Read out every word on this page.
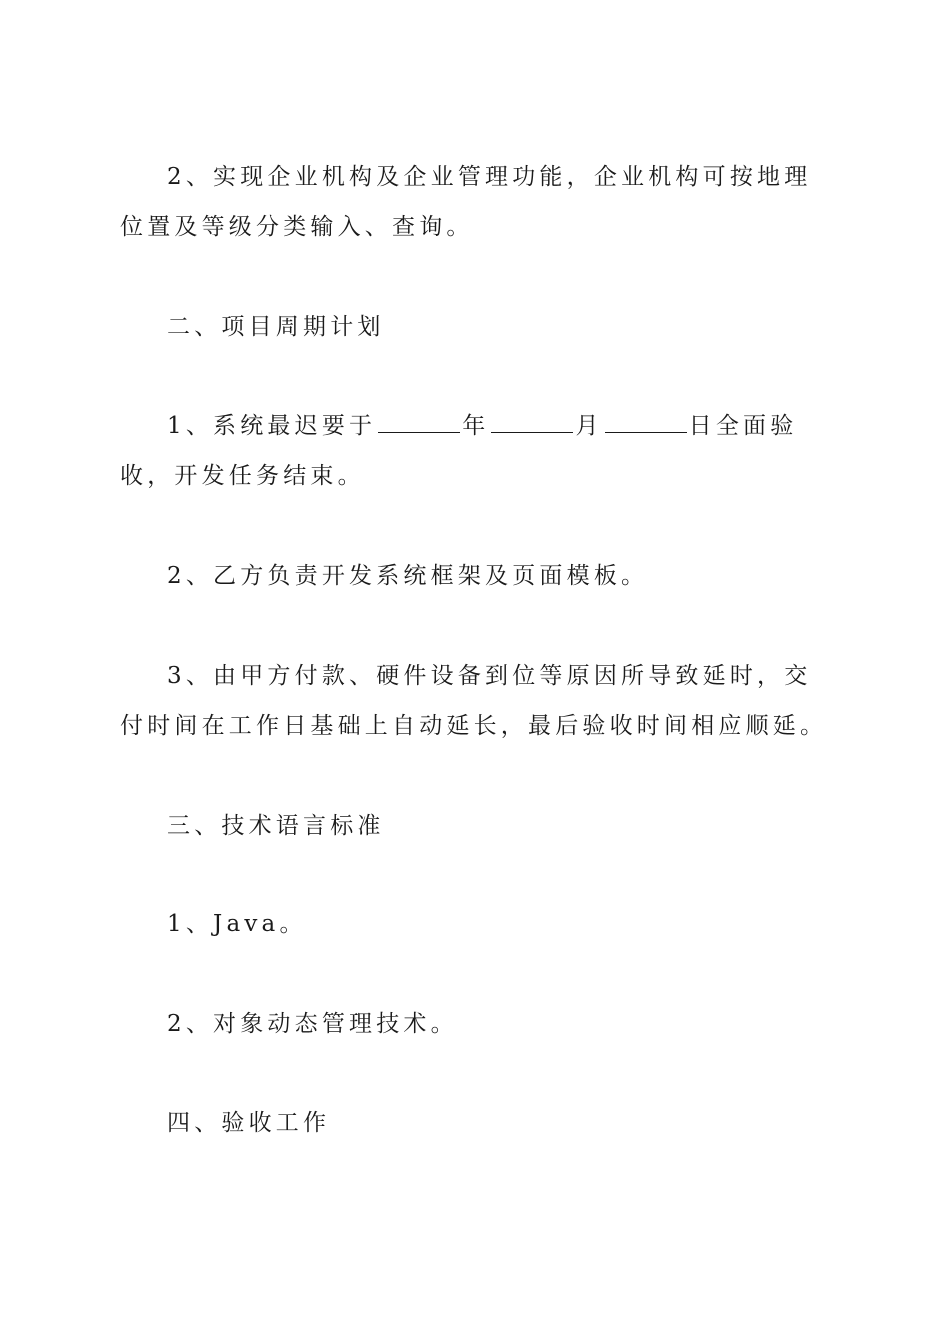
2、实现企业机构及企业管理功能，企业机构可按地理位置及等级分类输入、查询。

二、项目周期计划

1、系统最迟要于	年	月	日全面验收，开发任务结束。

2、乙方负责开发系统框架及页面模板。

3、由甲方付款、硬件设备到位等原因所导致延时，交付时间在工作日基础上自动延长，最后验收时间相应顺延。

三、技术语言标准

1、Java。

2、对象动态管理技术。

四、验收工作
